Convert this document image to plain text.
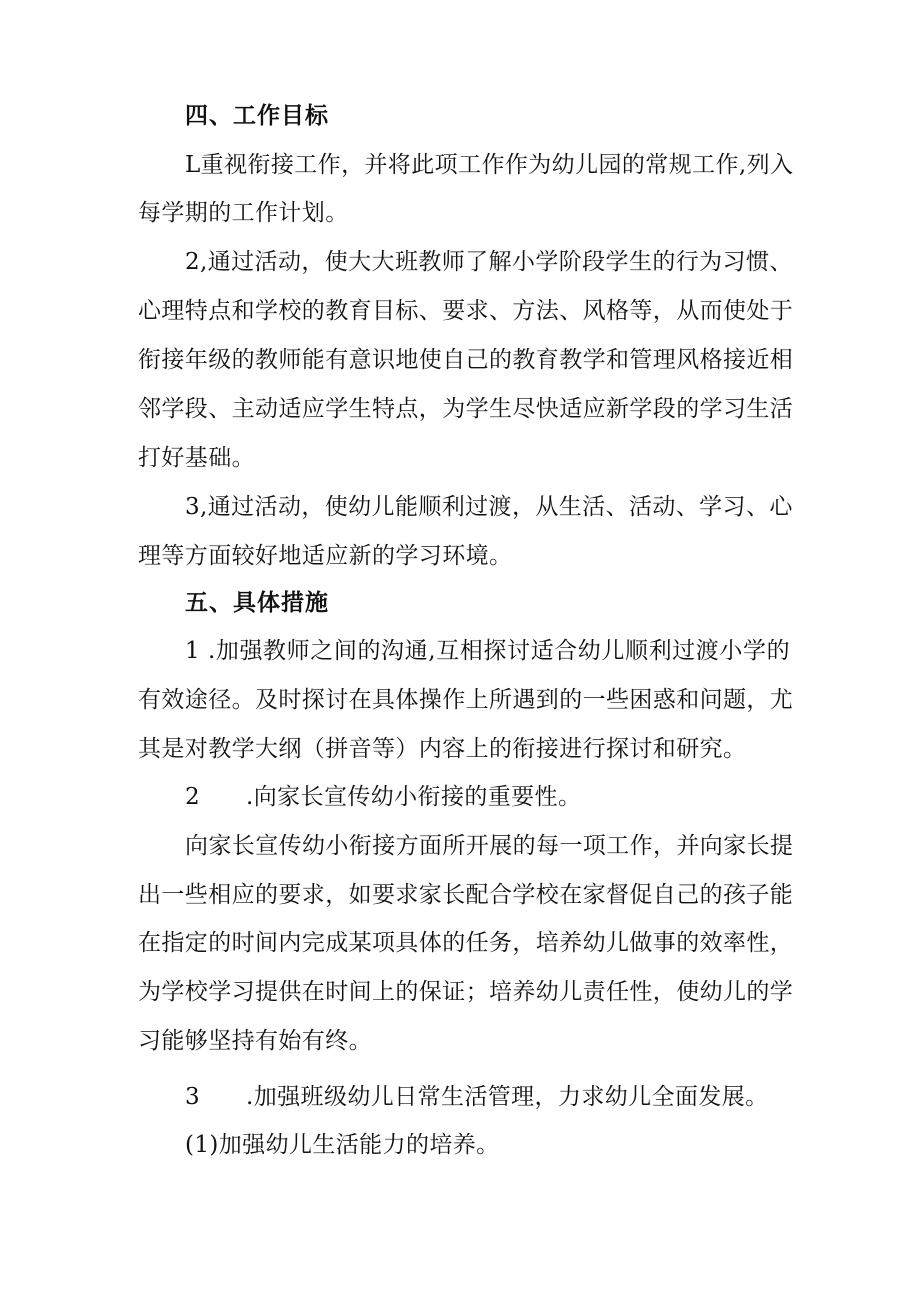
四、工作目标
L重视衔接工作，并将此项工作作为幼儿园的常规工作,列入
每学期的工作计划。
2,通过活动，使大大班教师了解小学阶段学生的行为习惯、
心理特点和学校的教育目标、要求、方法、风格等，从而使处于
衔接年级的教师能有意识地使自己的教育教学和管理风格接近相
邻学段、主动适应学生特点，为学生尽快适应新学段的学习生活
打好基础。
3,通过活动，使幼儿能顺利过渡，从生活、活动、学习、心
理等方面较好地适应新的学习环境。
五、具体措施
1 .加强教师之间的沟通,互相探讨适合幼儿顺利过渡小学的
有效途径。及时探讨在具体操作上所遇到的一些困惑和问题，尤
其是对教学大纲（拼音等）内容上的衔接进行探讨和研究。
2 .向家长宣传幼小衔接的重要性。
向家长宣传幼小衔接方面所开展的每一项工作，并向家长提
出一些相应的要求，如要求家长配合学校在家督促自己的孩子能
在指定的时间内完成某项具体的任务，培养幼儿做事的效率性，
为学校学习提供在时间上的保证；培养幼儿责任性，使幼儿的学
习能够坚持有始有终。
3 .加强班级幼儿日常生活管理，力求幼儿全面发展。
(1)加强幼儿生活能力的培养。
